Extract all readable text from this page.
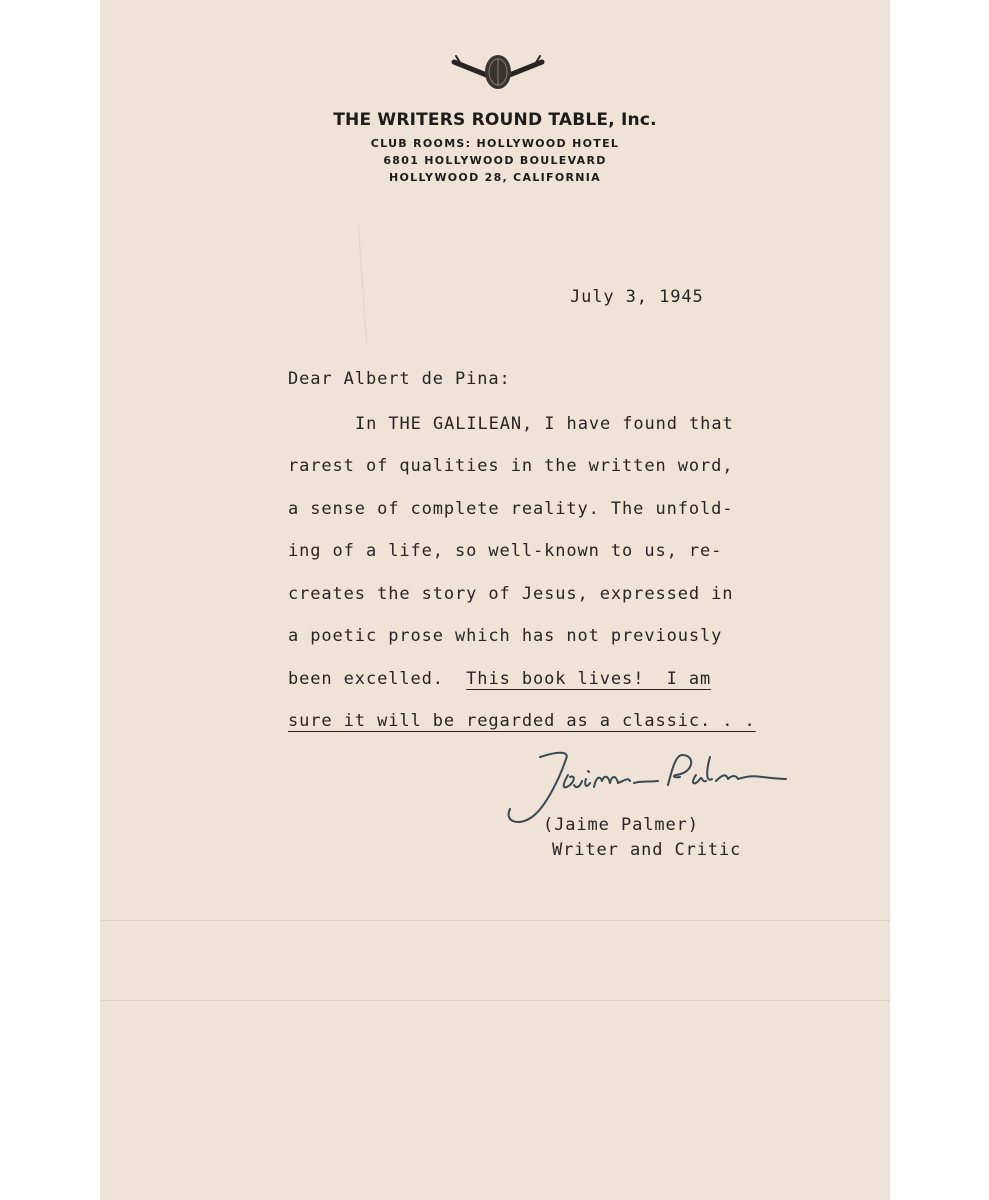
THE WRITERS ROUND TABLE, Inc.
CLUB ROOMS: HOLLYWOOD HOTEL
6801 HOLLYWOOD BOULEVARD
HOLLYWOOD 28, CALIFORNIA
July 3, 1945
Dear Albert de Pina:
In THE GALILEAN, I have found that
rarest of qualities in the written word,
a sense of complete reality. The unfold-
ing of a life, so well-known to us, re-
creates the story of Jesus, expressed in
a poetic prose which has not previously
been excelled.  This book lives!  I am
sure it will be regarded as a classic. . .
(Jaime Palmer)
Writer and Critic
